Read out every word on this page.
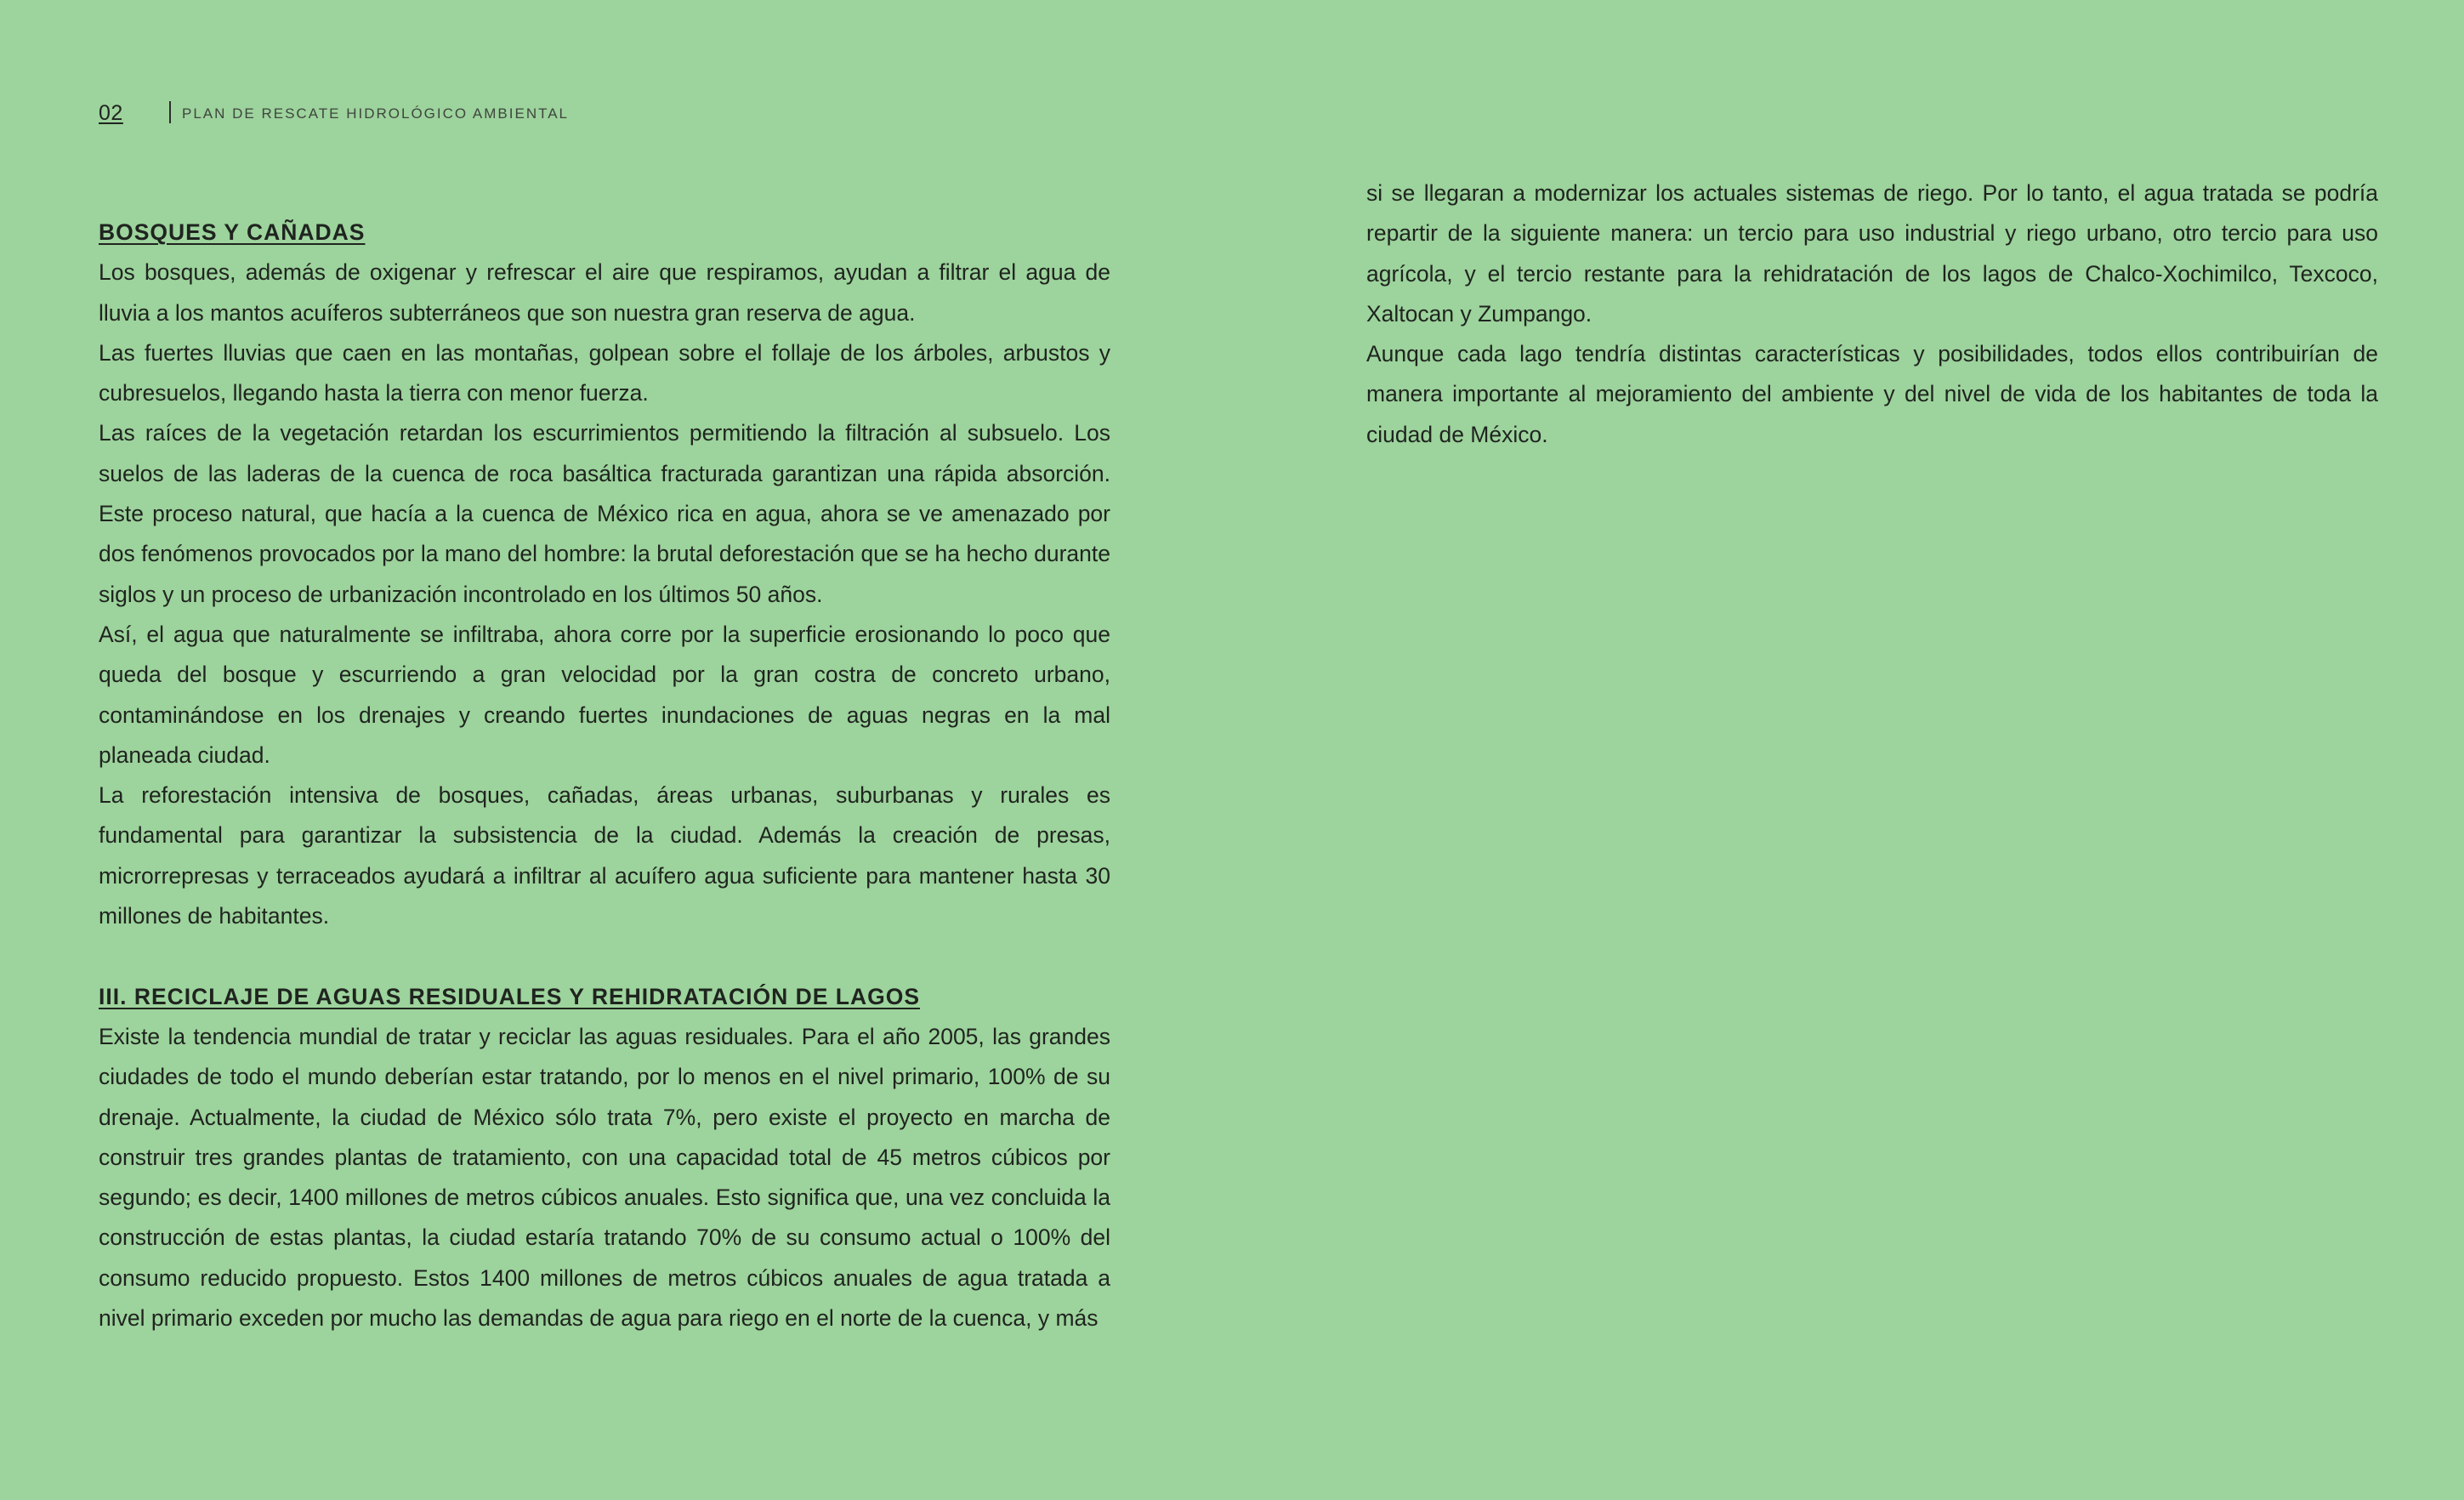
02	PLAN DE RESCATE HIDROLÓGICO AMBIENTAL
BOSQUES Y CAÑADAS

Los bosques, además de oxigenar y refrescar el aire que respiramos, ayudan a filtrar el agua de lluvia a los mantos acuíferos subterráneos que son nuestra gran reserva de agua.

Las fuertes lluvias que caen en las montañas, golpean sobre el follaje de los árboles, arbustos y cubresuelos, llegando hasta la tierra con menor fuerza.

Las raíces de la vegetación retardan los escurrimientos permitiendo la filtración al subsuelo. Los suelos de las laderas de la cuenca de roca basáltica fracturada garantizan una rápida absorción. Este proceso natural, que hacía a la cuenca de México rica en agua, ahora se ve amenazado por dos fenómenos provocados por la mano del hombre: la brutal deforestación que se ha hecho durante siglos y un proceso de urbanización incontrolado en los últimos 50 años.

Así, el agua que naturalmente se infiltraba, ahora corre por la superficie erosionando lo poco que queda del bosque y escurriendo a gran velocidad por la gran costra de concreto urbano, contaminándose en los drenajes y creando fuertes inundaciones de aguas negras en la mal planeada ciudad.

La reforestación intensiva de bosques, cañadas, áreas urbanas, suburbanas y rurales es fundamental para garantizar la subsistencia de la ciudad. Además la creación de presas, microrrepresas y terraceados ayudará a infiltrar al acuífero agua suficiente para mantener hasta 30 millones de habitantes.

III. RECICLAJE DE AGUAS RESIDUALES Y REHIDRATACIÓN DE LAGOS

Existe la tendencia mundial de tratar y reciclar las aguas residuales. Para el año 2005, las grandes ciudades de todo el mundo deberían estar tratando, por lo menos en el nivel primario, 100% de su drenaje. Actualmente, la ciudad de México sólo trata 7%, pero existe el proyecto en marcha de construir tres grandes plantas de tratamiento, con una capacidad total de 45 metros cúbicos por segundo; es decir, 1400 millones de metros cúbicos anuales. Esto significa que, una vez concluida la construcción de estas plantas, la ciudad estaría tratando 70% de su consumo actual o 100% del consumo reducido propuesto. Estos 1400 millones de metros cúbicos anuales de agua tratada a nivel primario exceden por mucho las demandas de agua para riego en el norte de la cuenca, y más

si se llegaran a modernizar los actuales sistemas de riego. Por lo tanto, el agua tratada se podría repartir de la siguiente manera: un tercio para uso industrial y riego urbano, otro tercio para uso agrícola, y el tercio restante para la rehidratación de los lagos de Chalco-Xochimilco, Texcoco, Xaltocan y Zumpango.

Aunque cada lago tendría distintas características y posibilidades, todos ellos contribuirían de manera importante al mejoramiento del ambiente y del nivel de vida de los habitantes de toda la ciudad de México.
